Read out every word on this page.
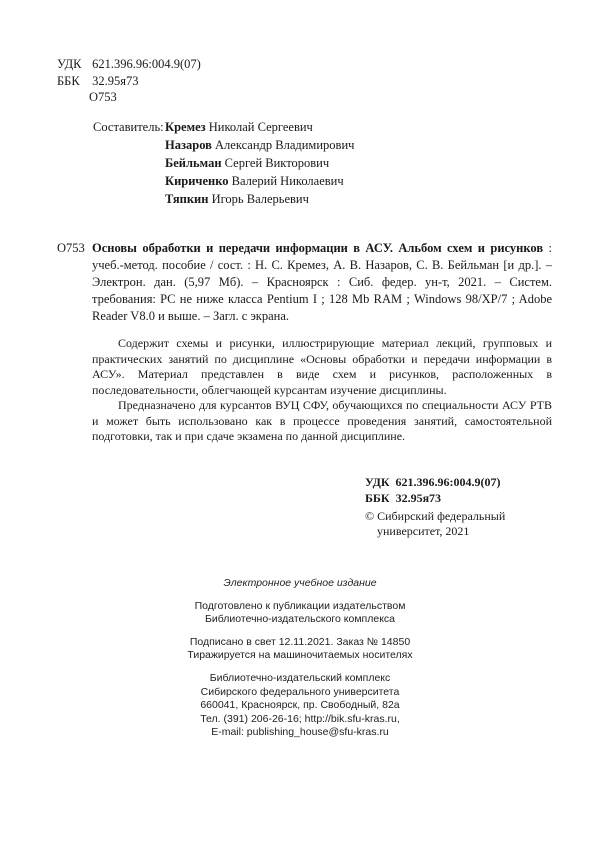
УДК 621.396.96:004.9(07)
ББК 32.95я73
О753
Составитель:Кремез Николай Сергеевич
Назаров Александр Владимирович
Бейльман Сергей Викторович
Кириченко Валерий Николаевич
Тяпкин Игорь Валерьевич
О753 Основы обработки и передачи информации в АСУ. Альбом схем и рисунков : учеб.-метод. пособие / сост. : Н. С. Кремез, А. В. Назаров, С. В. Бейльман [и др.]. – Электрон. дан. (5,97 Мб). – Красноярск : Сиб. федер. ун-т, 2021. – Систем. требования: PC не ниже класса Pentium I ; 128 Mb RAM ; Windows 98/XP/7 ; Adobe Reader V8.0 и выше. – Загл. с экрана.

Содержит схемы и рисунки, иллюстрирующие материал лекций, групповых и практических занятий по дисциплине «Основы обработки и передачи информации в АСУ». Материал представлен в виде схем и рисунков, расположенных в последовательности, облегчающей курсантам изучение дисциплины.

Предназначено для курсантов ВУЦ СФУ, обучающихся по специальности АСУ РТВ и может быть использовано как в процессе проведения занятий, самостоятельной подготовки, так и при сдаче экзамена по данной дисциплине.

УДК  621.396.96:004.9(07)
ББК  32.95я73
© Сибирский федеральный
университет, 2021
Электронное учебное издание
Подготовлено к публикации издательством
Библиотечно-издательского комплекса
Подписано в свет 12.11.2021. Заказ № 14850
Тиражируется на машиночитаемых носителях
Библиотечно-издательский комплекс
Сибирского федерального университета
660041, Красноярск, пр. Свободный, 82а
Тел. (391) 206-26-16; http://bik.sfu-kras.ru,
E-mail: publishing_house@sfu-kras.ru
